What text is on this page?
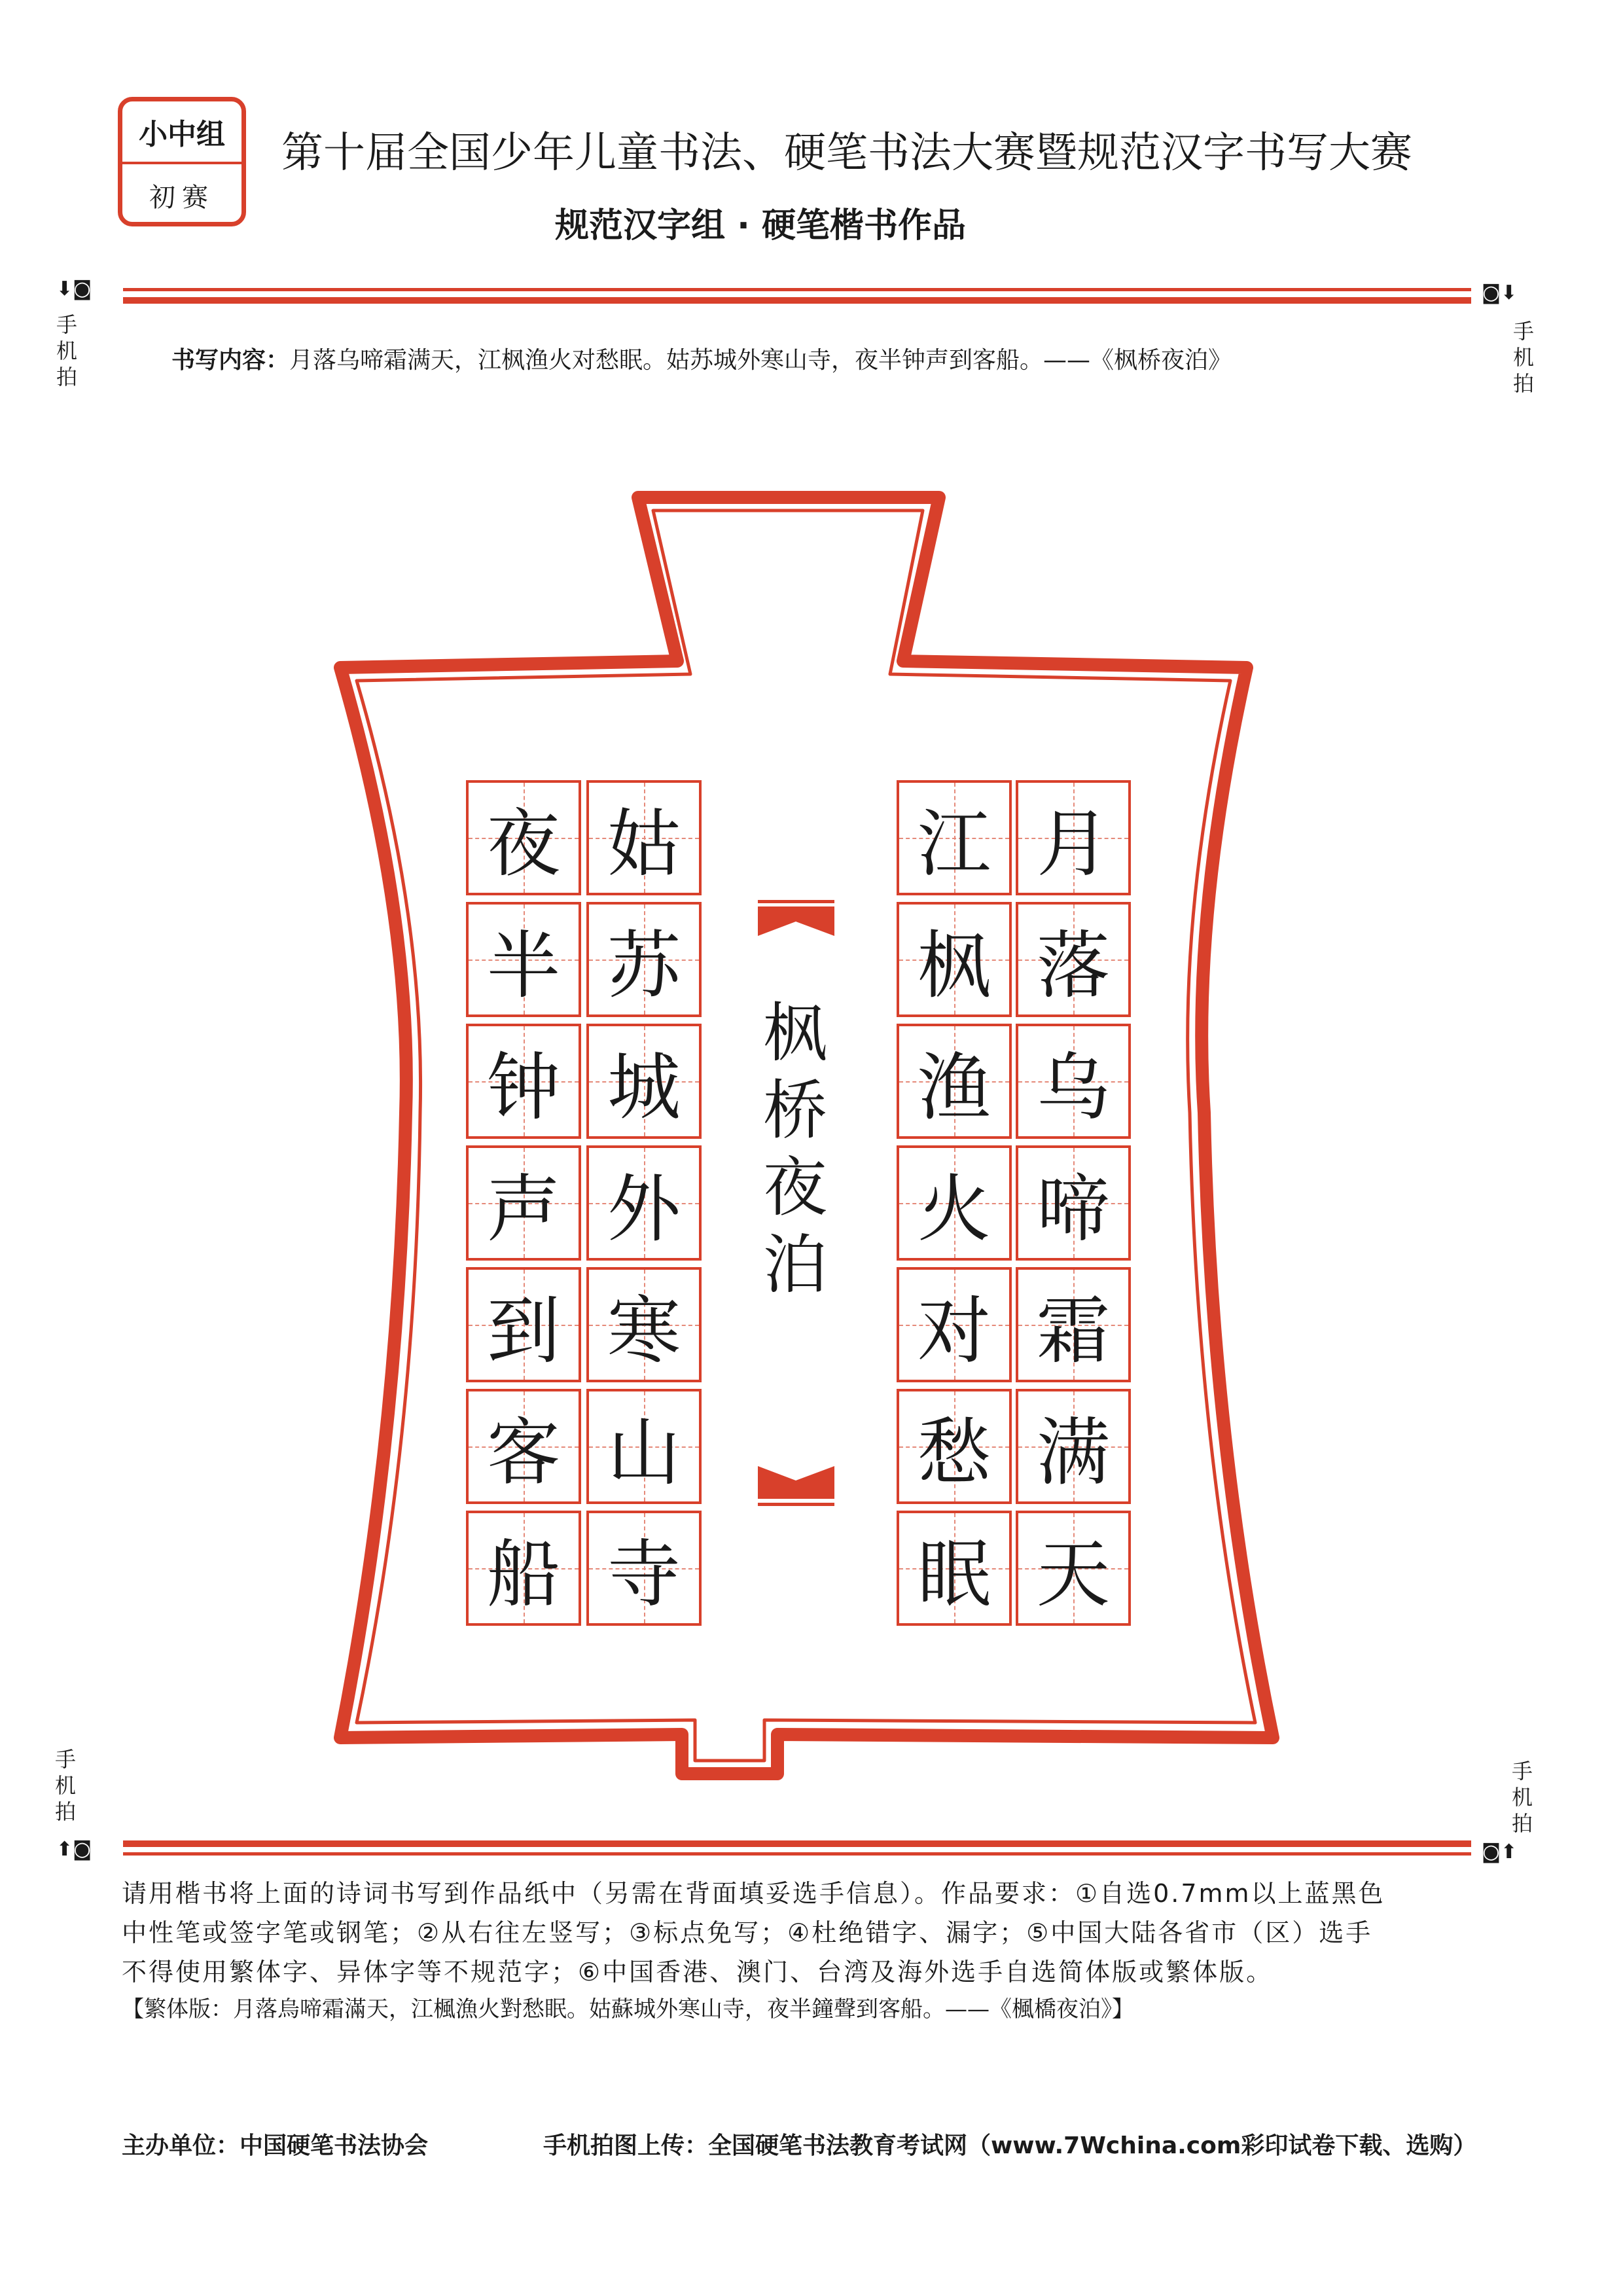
小中组
初赛
第十届全国少年儿童书法、硬笔书法大赛暨规范汉字书写大赛
规范汉字组 · 硬笔楷书作品
⬇◙	◙⬇
手机拍
手机拍
书写内容：月落乌啼霜满天，江枫渔火对愁眠。姑苏城外寒山寺，夜半钟声到客船。——《枫桥夜泊》
枫桥夜泊
月
落
乌
啼
霜
满
天
江
枫
渔
火
对
愁
眠
姑
苏
城
外
寒
山
寺
夜
半
钟
声
到
客
船
手机拍
手机拍
⬆◙	◙⬆
请用楷书将上面的诗词书写到作品纸中（另需在背面填妥选手信息）。作品要求：①自选0.7mm以上蓝黑色
中性笔或签字笔或钢笔；②从右往左竖写；③标点免写；④杜绝错字、漏字；⑤中国大陆各省市（区）选手
不得使用繁体字、异体字等不规范字；⑥中国香港、澳门、台湾及海外选手自选简体版或繁体版。
【繁体版：月落烏啼霜滿天，江楓漁火對愁眠。姑蘇城外寒山寺，夜半鐘聲到客船。——《楓橋夜泊》】
主办单位：中国硬笔书法协会	手机拍图上传：全国硬笔书法教育考试网（www.7Wchina.com彩印试卷下载、选购）
